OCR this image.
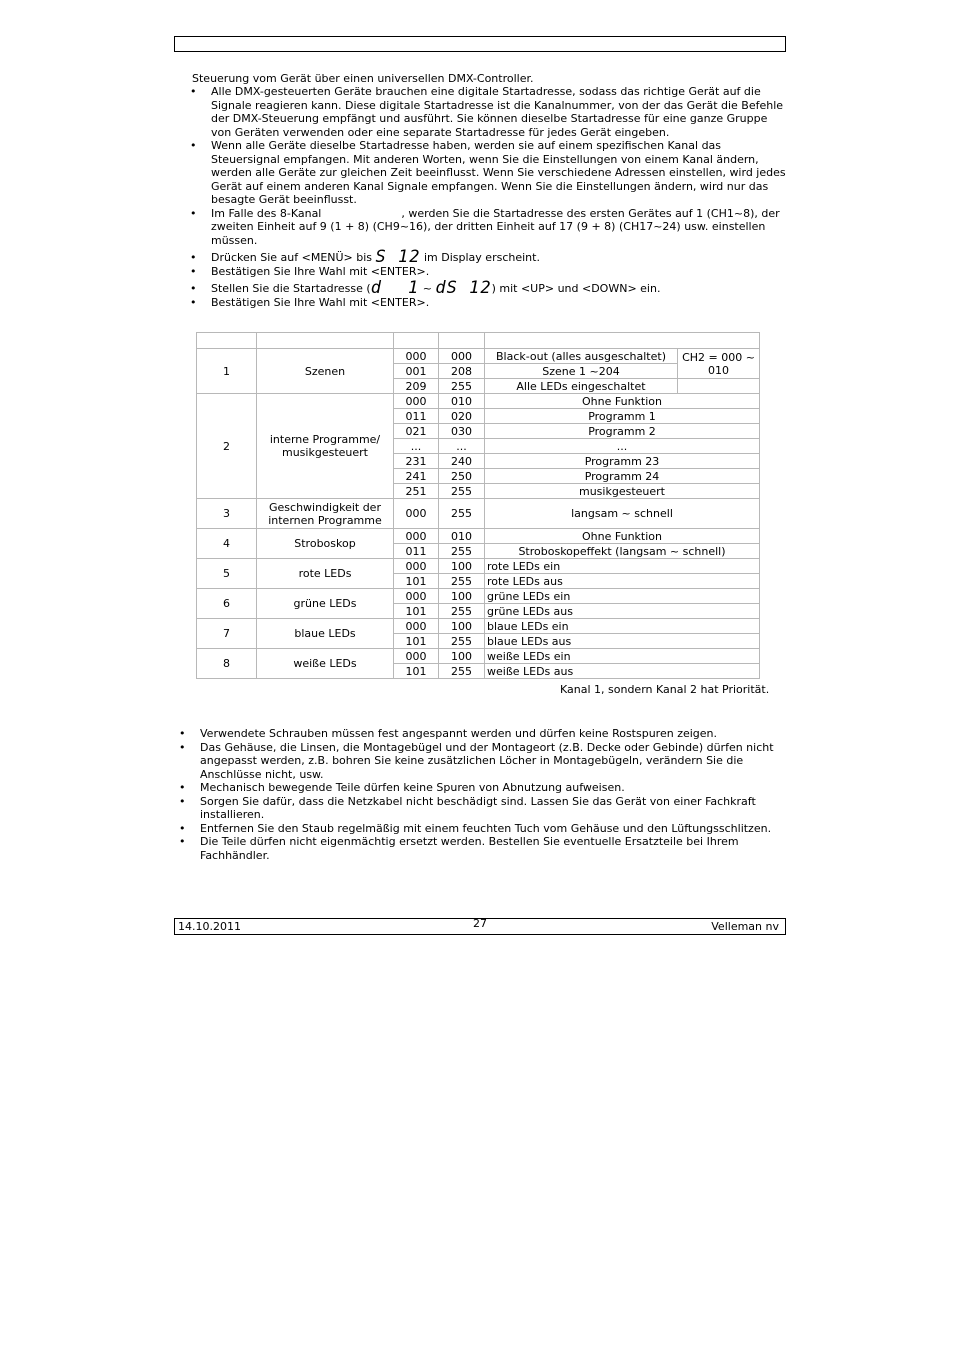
Steuerung vom Gerät über einen universellen DMX-Controller.
• Alle DMX-gesteuerten Geräte brauchen eine digitale Startadresse, sodass das richtige Gerät auf die Signale reagieren kann. Diese digitale Startadresse ist die Kanalnummer, von der das Gerät die Befehle der DMX-Steuerung empfängt und ausführt. Sie können dieselbe Startadresse für eine ganze Gruppe von Geräten verwenden oder eine separate Startadresse für jedes Gerät eingeben.
• Wenn alle Geräte dieselbe Startadresse haben, werden sie auf einem spezifischen Kanal das Steuersignal empfangen. Mit anderen Worten, wenn Sie die Einstellungen von einem Kanal ändern, werden alle Geräte zur gleichen Zeit beeinflusst. Wenn Sie verschiedene Adressen einstellen, wird jedes Gerät auf einem anderen Kanal Signale empfangen. Wenn Sie die Einstellungen ändern, wird nur das besagte Gerät beeinflusst.
• Im Falle des 8-Kanal	, werden Sie die Startadresse des ersten Gerätes auf 1 (CH1~8), der zweiten Einheit auf 9 (1 + 8) (CH9~16), der dritten Einheit auf 17 (9 + 8) (CH17~24) usw. einstellen müssen.
• Drücken Sie auf <MENÜ> bis S 12 im Display erscheint.
• Bestätigen Sie Ihre Wahl mit <ENTER>.
• Stellen Sie die Startadresse (d 1 ~ dS 12) mit <UP> und <DOWN> ein.
• Bestätigen Sie Ihre Wahl mit <ENTER>.

1	Szenen	000	000	Black-out (alles ausgeschaltet)	CH2 = 000 ~ 010
		001	208	Szene 1 ~204	
		209	255	Alle LEDs eingeschaltet	
2	interne Programme/ musikgesteuert	000	010	Ohne Funktion	
		011	020	Programm 1	
		021	030	Programm 2	
		...	...	...	
		231	240	Programm 23	
		241	250	Programm 24	
		251	255	musikgesteuert	
3	Geschwindigkeit der internen Programme	000	255	langsam ~ schnell	
4	Stroboskop	000	010	Ohne Funktion	
		011	255	Stroboskopeffekt (langsam ~ schnell)	
5	rote LEDs	000	100	rote LEDs ein	
		101	255	rote LEDs aus	
6	grüne LEDs	000	100	grüne LEDs ein	
		101	255	grüne LEDs aus	
7	blaue LEDs	000	100	blaue LEDs ein	
		101	255	blaue LEDs aus	
8	weiße LEDs	000	100	weiße LEDs ein	
		101	255	weiße LEDs aus	
Kanal 1, sondern Kanal 2 hat Priorität.
• Verwendete Schrauben müssen fest angespannt werden und dürfen keine Rostspuren zeigen.
• Das Gehäuse, die Linsen, die Montagebügel und der Montageort (z.B. Decke oder Gebinde) dürfen nicht angepasst werden, z.B. bohren Sie keine zusätzlichen Löcher in Montagebügeln, verändern Sie die Anschlüsse nicht, usw.
• Mechanisch bewegende Teile dürfen keine Spuren von Abnutzung aufweisen.
• Sorgen Sie dafür, dass die Netzkabel nicht beschädigt sind. Lassen Sie das Gerät von einer Fachkraft installieren.
• Entfernen Sie den Staub regelmäßig mit einem feuchten Tuch vom Gehäuse und den Lüftungsschlitzen.
• Die Teile dürfen nicht eigenmächtig ersetzt werden. Bestellen Sie eventuelle Ersatzteile bei Ihrem Fachhändler.
14.10.2011	27	Velleman nv
